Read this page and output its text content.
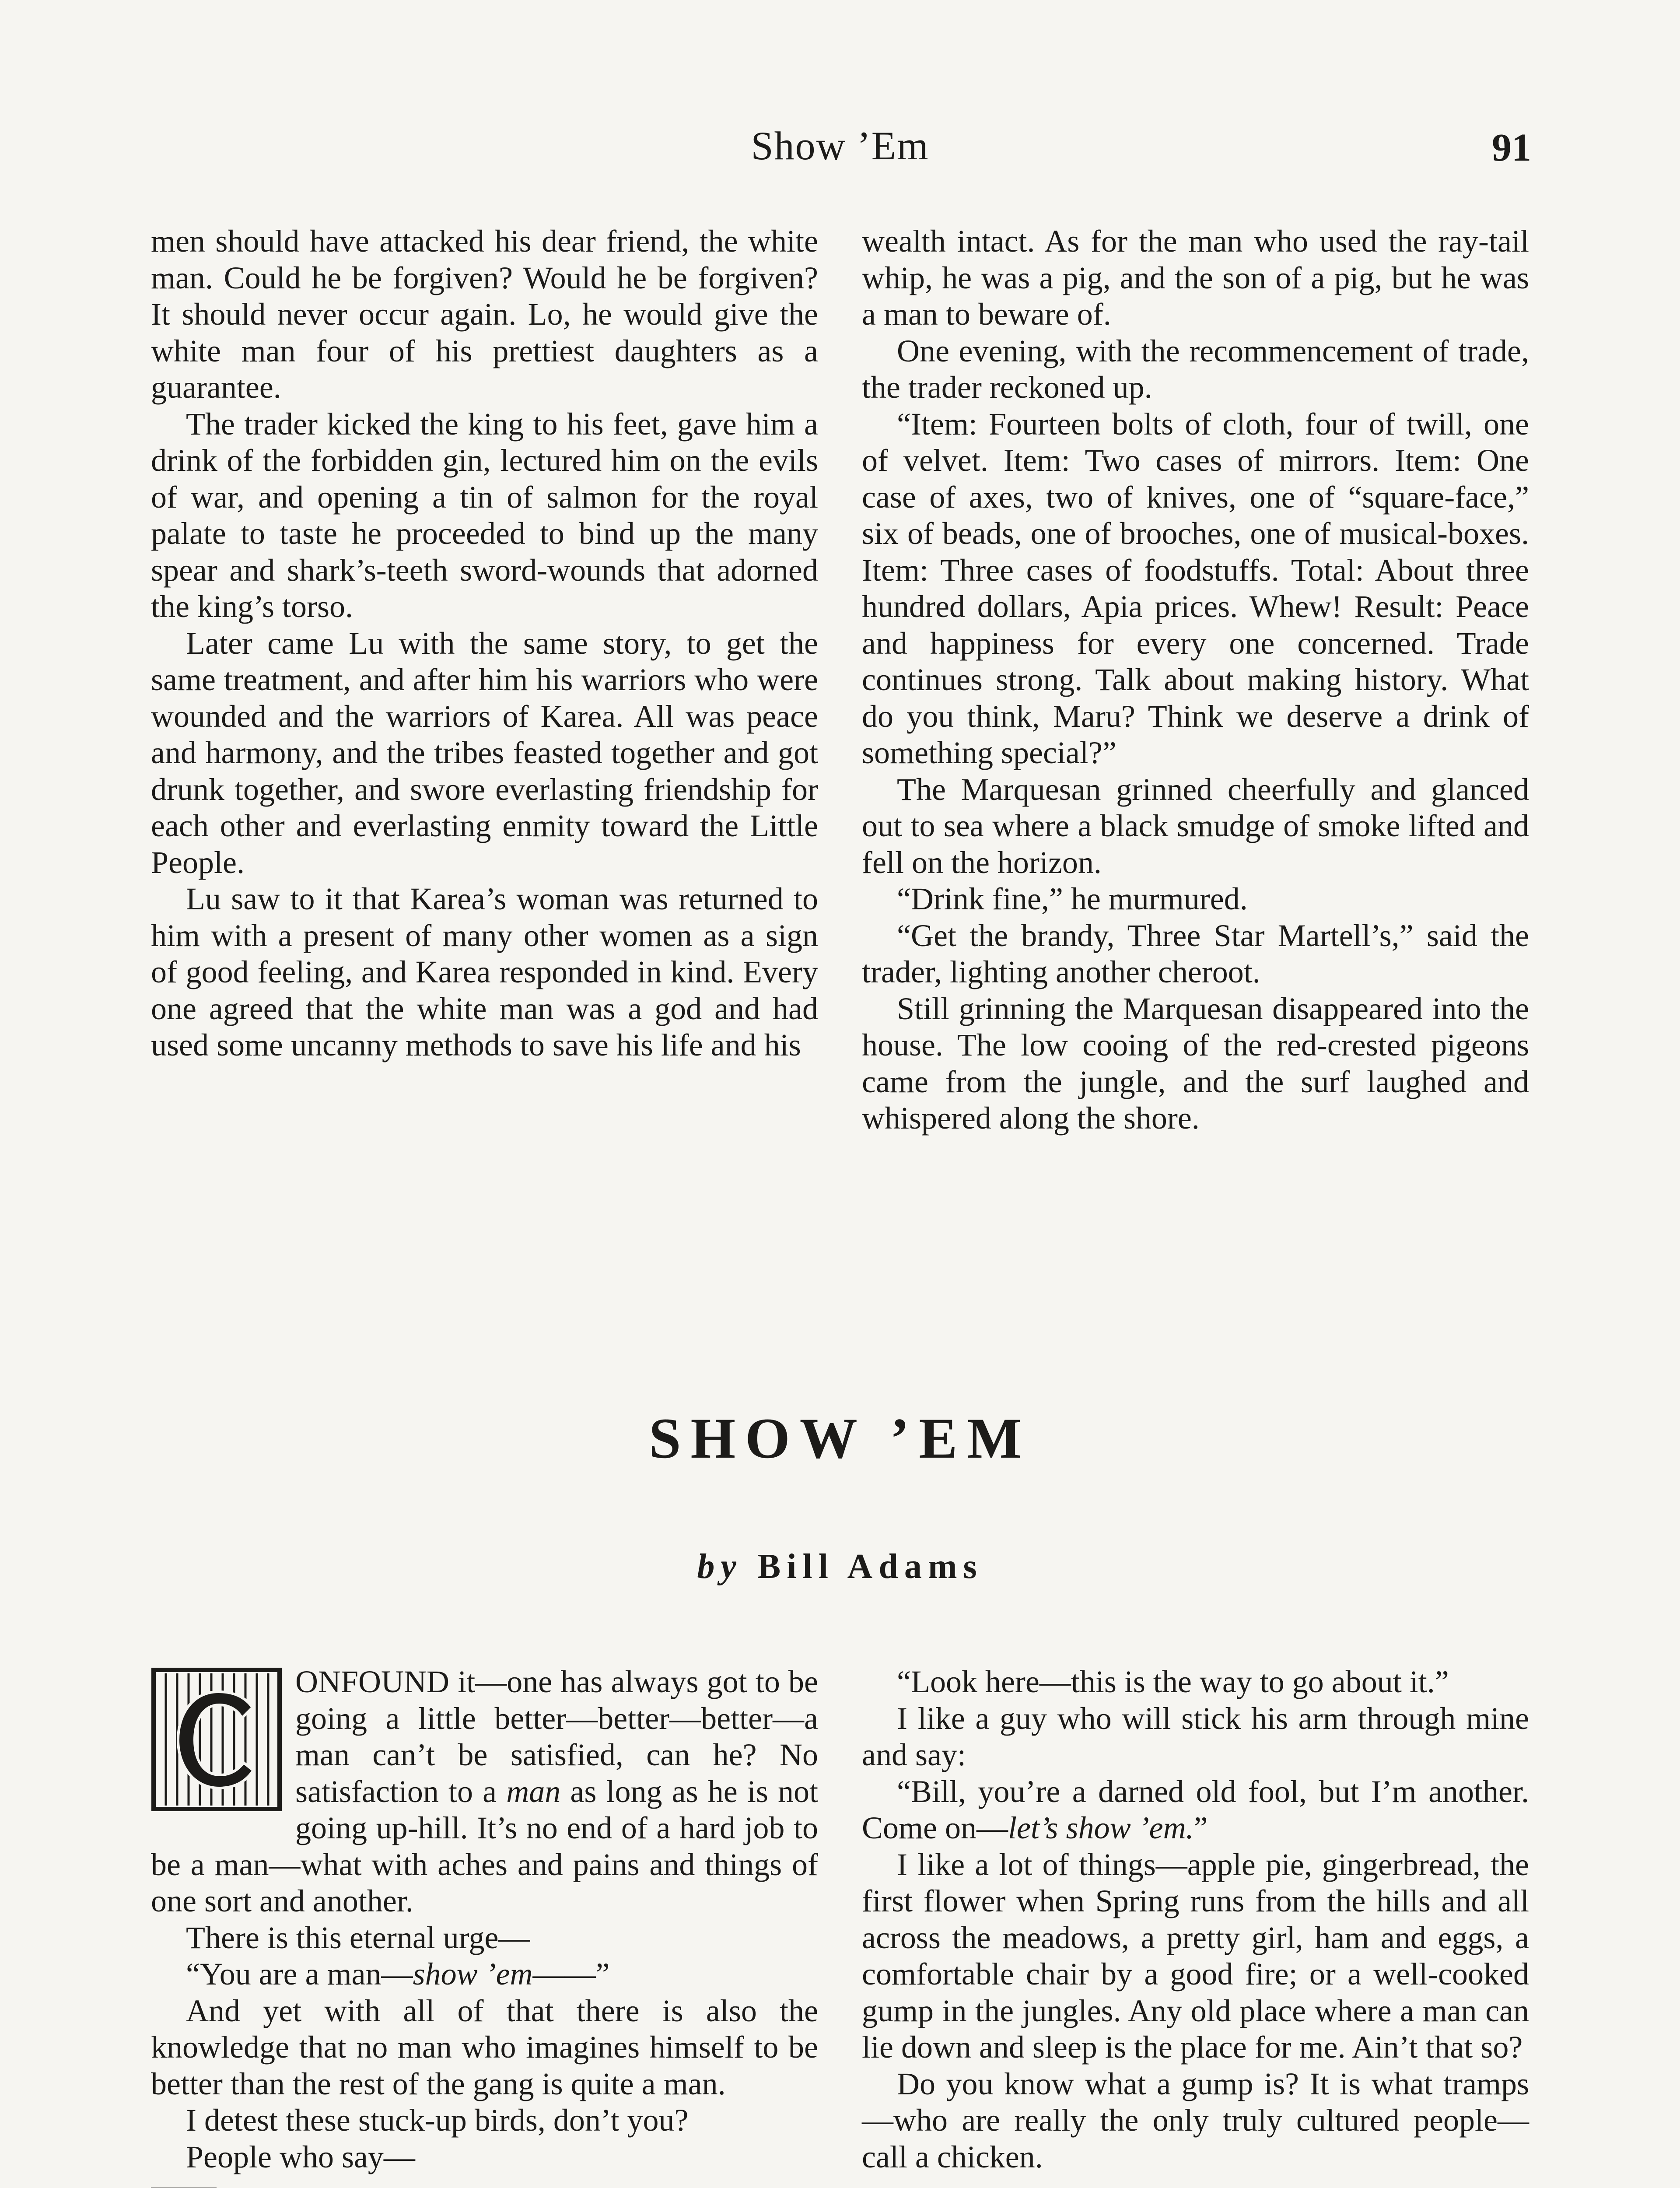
Show ’Em	91

men should have attacked his dear friend, the white man. Could he be forgiven? Would he be forgiven? It should never occur again. Lo, he would give the white man four of his prettiest daughters as a guarantee.

The trader kicked the king to his feet, gave him a drink of the forbidden gin, lectured him on the evils of war, and opening a tin of salmon for the royal palate to taste he proceeded to bind up the many spear and shark’s-teeth sword-wounds that adorned the king’s torso.

Later came Lu with the same story, to get the same treatment, and after him his warriors who were wounded and the warriors of Karea. All was peace and harmony, and the tribes feasted together and got drunk together, and swore everlasting friendship for each other and everlasting enmity toward the Little People.

Lu saw to it that Karea’s woman was returned to him with a present of many other women as a sign of good feeling, and Karea responded in kind. Every one agreed that the white man was a god and had used some uncanny methods to save his life and his

wealth intact. As for the man who used the ray-tail whip, he was a pig, and the son of a pig, but he was a man to beware of.

One evening, with the recommencement of trade, the trader reckoned up.

“Item: Fourteen bolts of cloth, four of twill, one of velvet. Item: Two cases of mirrors. Item: One case of axes, two of knives, one of “square-face,” six of beads, one of brooches, one of musical-boxes. Item: Three cases of foodstuffs. Total: About three hundred dollars, Apia prices. Whew! Result: Peace and happiness for every one concerned. Trade continues strong. Talk about making history. What do you think, Maru? Think we deserve a drink of something special?”

The Marquesan grinned cheerfully and glanced out to sea where a black smudge of smoke lifted and fell on the horizon.

“Drink fine,” he murmured.

“Get the brandy, Three Star Martell’s,” said the trader, lighting another cheroot.

Still grinning the Marquesan disappeared into the house. The low cooing of the red-crested pigeons came from the jungle, and the surf laughed and whispered along the shore.

SHOW ’EM
by Bill Adams

ONFOUND it—one has always got to be going a little better—better—better—a man can’t be satisfied, can he? No satisfaction to a man as long as he is not going up-hill. It’s no end of a hard job to be a man—what with aches and pains and things of one sort and another.

There is this eternal urge—

“You are a man—show ’em——”

And yet with all of that there is also the knowledge that no man who imagines himself to be better than the rest of the gang is quite a man.

I detest these stuck-up birds, don’t you?

People who say—

“Look here—this is the way to go about it.”

I like a guy who will stick his arm through mine and say:

“Bill, you’re a darned old fool, but I’m another. Come on—let’s show ’em.”

I like a lot of things—apple pie, gingerbread, the first flower when Spring runs from the hills and all across the meadows, a pretty girl, ham and eggs, a comfortable chair by a good fire; or a well-cooked gump in the jungles. Any old place where a man can lie down and sleep is the place for me. Ain’t that so?

Do you know what a gump is? It is what tramps—who are really the only truly cultured people—call a chicken.
